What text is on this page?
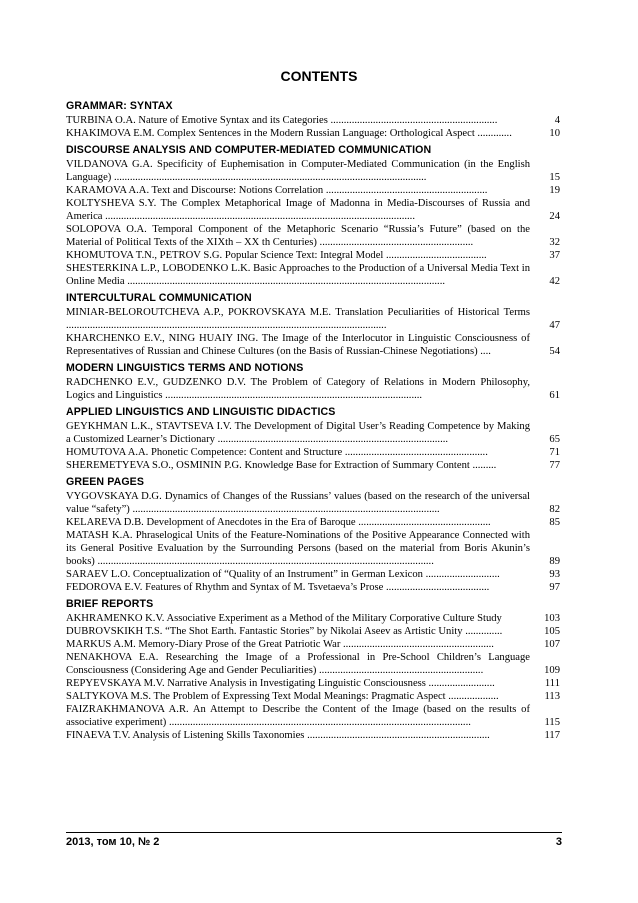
CONTENTS
GRAMMAR: SYNTAX
TURBINA O.A. Nature of Emotive Syntax and its Categories ...............................................................	4
KHAKIMOVA E.M. Complex Sentences in the Modern Russian Language: Orthological Aspect .............	10
DISCOURSE ANALYSIS AND COMPUTER-MEDIATED COMMUNICATION
VILDANOVA G.A. Specificity of Euphemisation in Computer-Mediated Communication (in the English Language) ......................................................................................................................	15
KARAMOVA A.A. Text and Discourse: Notions Correlation .............................................................	19
KOLTYSHEVA S.Y. The Complex Metaphorical Image of Madonna in Media-Discourses of Russia and America .....................................................................................................................	24
SOLOPOVA O.A. Temporal Component of the Metaphoric Scenario “Russia’s Future” (based on the Material of Political Texts of the XIXth – XX th Centuries) ..........................................................	32
KHOMUTOVA T.N., PETROV S.G. Popular Science Text: Integral Model ......................................	37
SHESTERKINA L.P., LOBODENKO L.K. Basic Approaches to the Production of a Universal Media Text in Online Media ........................................................................................................................	42
INTERCULTURAL COMMUNICATION
MINIAR-BELOROUTCHEVA A.P., POKROVSKAYA M.E. Translation Peculiarities of Historical Terms .........................................................................................................................	47
KHARCHENKO E.V., NING HUAIY ING. The Image of the Interlocutor in Linguistic Consciousness of Representatives of Russian and Chinese Cultures (on the Basis of Russian-Chinese Negotiations) ....	54
MODERN LINGUISTICS TERMS AND NOTIONS
RADCHENKO E.V., GUDZENKO D.V. The Problem of Category of Relations in Modern Philosophy, Logics and Linguistics .................................................................................................	61
APPLIED LINGUISTICS AND LINGUISTIC DIDACTICS
GEYKHMAN L.K., STAVTSEVA I.V. The Development of Digital User’s Reading Competence by Making a Customized Learner’s Dictionary .......................................................................................	65
HOMUTOVA A.A. Phonetic Competence: Content and Structure ......................................................	71
SHEREMETYEVA S.O., OSMININ P.G. Knowledge Base for Extraction of Summary Content .........	77
GREEN PAGES
VYGOVSKAYA D.G. Dynamics of Changes of the Russians’ values (based on the research of the universal value “safety”) ....................................................................................................................	82
KELAREVA D.B. Development of Anecdotes in the Era of Baroque ..................................................	85
MATASH K.A. Phraselogical Units of the Feature-Nominations of the Positive Appearance Connected with its General Positive Evaluation by the Surrounding Persons (based on the material from Boris Akunin’s books) ...............................................................................................................................	89
SARAEV L.O. Conceptualization of “Quality of an Instrument” in German Lexicon ............................	93
FEDOROVA E.V. Features of Rhythm and Syntax of M. Tsvetaeva’s Prose .......................................	97
BRIEF REPORTS
AKHRAMENKO K.V. Associative Experiment as a Method of the Military Corporative Culture Study	103
DUBROVSKIKH T.S. “The Shot Earth. Fantastic Stories” by Nikolai Aseev as Artistic Unity ..............	105
MARKUS A.M. Memory-Diary Prose of the Great Patriotic War .........................................................	107
NENAKHOVA E.A. Researching the Image of a Professional in Pre-School Children’s Language Consciousness (Considering Age and Gender Peculiarities) ..............................................................	109
REPYEVSKAYA M.V. Narrative Analysis in Investigating Linguistic Consciousness .........................	111
SALTYKOVA M.S. The Problem of Expressing Text Modal Meanings: Pragmatic Aspect ...................	113
FAIZRAKHMANOVA A.R. An Attempt to Describe the Content of the Image (based on the results of associative experiment) ..................................................................................................................	115
FINAEVA T.V. Analysis of Listening Skills Taxonomies .....................................................................	117
2013, том 10, № 2	3
